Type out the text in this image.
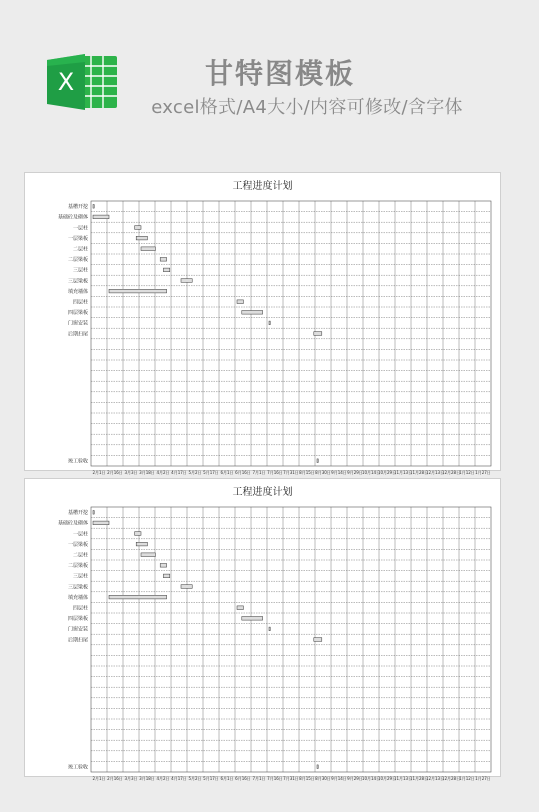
X	甘特图模板
excel格式/A4大小/内容可修改/含字体
工程进度计划
基槽开挖
基础砼及砌体
一层柱
一层梁板
二层柱
二层梁板
三层柱
三层梁板
填充墙体
四层柱
四层梁板
门窗安装
后期扫尾
竣工验收
2月1日 2月16日 3月3日 3月18日 4月2日 4月17日 5月2日 5月17日 6月1日 6月16日 7月1日 7月16日 7月31日 8月15日 8月30日 9月14日 9月29日 10月14日
10月29日
11月13日
11月28日
12月13日
12月28日 1月12日 1月27日
工程进度计划
基槽开挖
基础砼及砌体
一层柱
一层梁板
二层柱
二层梁板
三层柱
三层梁板
填充墙体
四层柱
四层梁板
门窗安装
后期扫尾
竣工验收
2月1日 2月16日 3月3日 3月18日 4月2日 4月17日 5月2日 5月17日 6月1日 6月16日 7月1日 7月16日 7月31日 8月15日 8月30日 9月14日 9月29日 10月14日
10月29日
11月13日
11月28日
12月13日
12月28日 1月12日 1月27日
